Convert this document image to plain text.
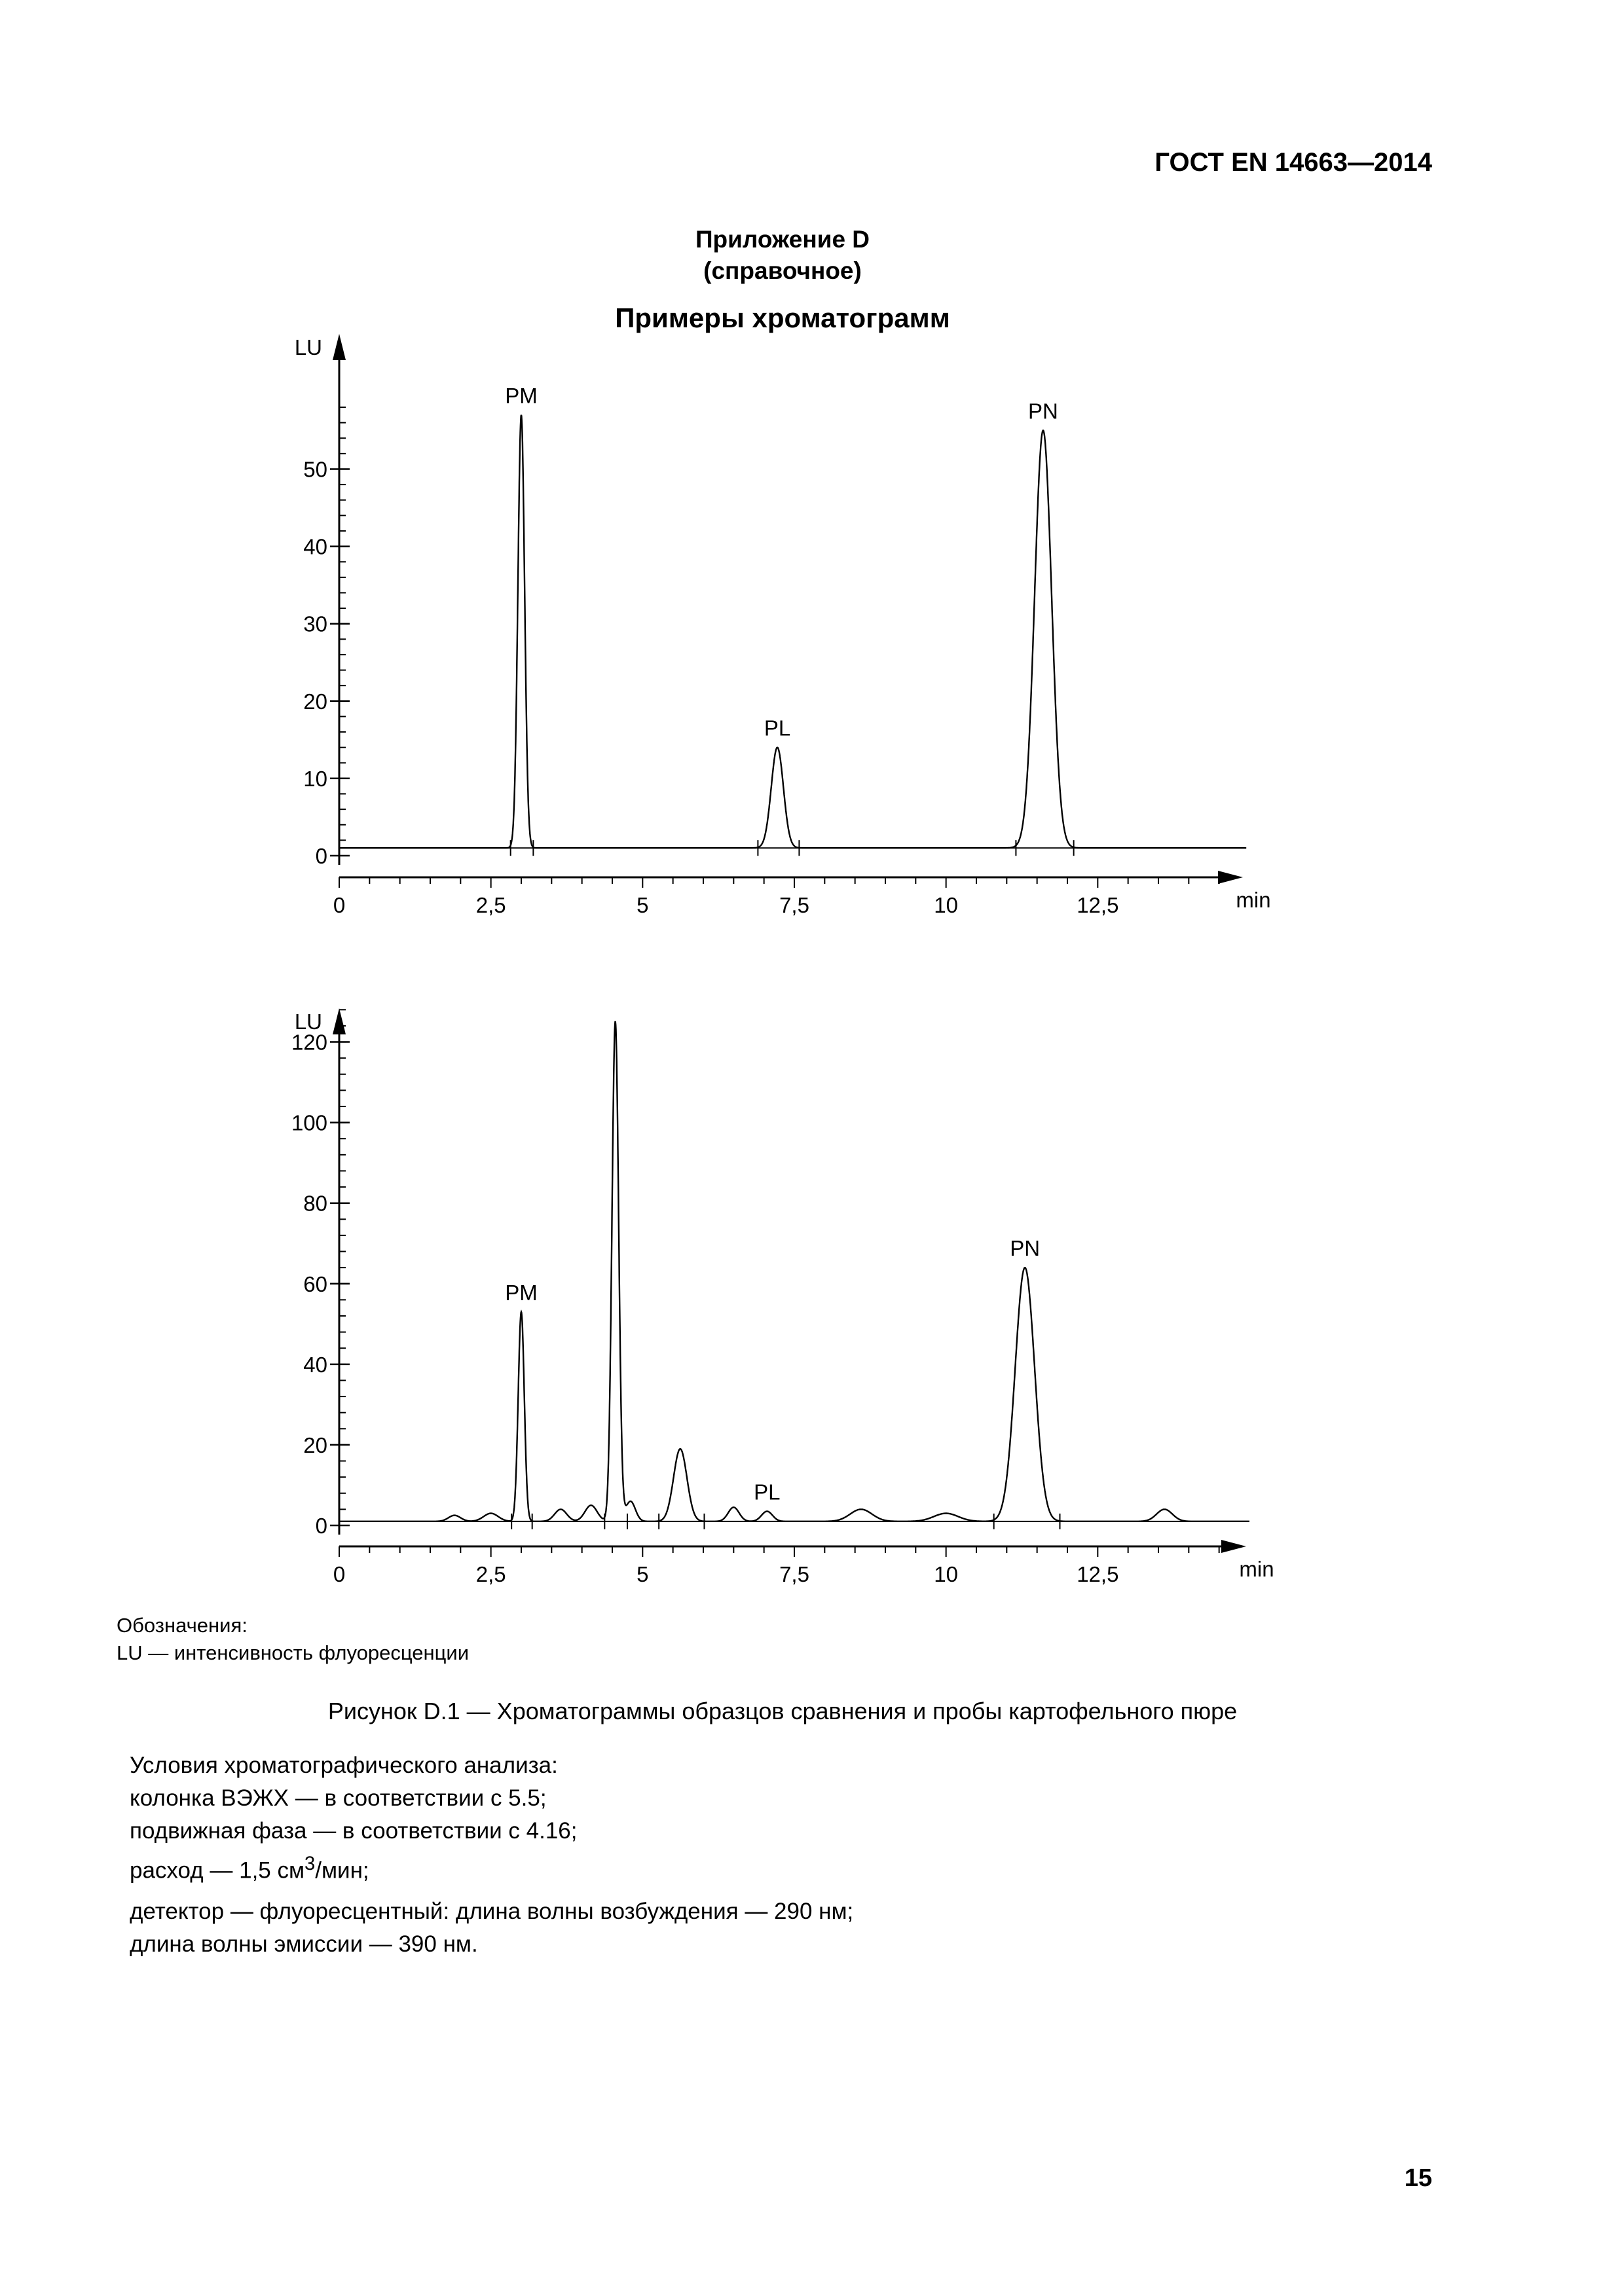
ГОСТ EN 14663—2014
Приложение D
(справочное)
Примеры хроматограмм
0
10
20
30
40
50
0	2,5	5	7,5	10	12,5
LU
min
PM
PL
PN
0
20
40
60
80
100
120
0	2,5	5	7,5	10	12,5
LU
min
PM
PL
PN
Обозначения:
LU — интенсивность флуоресценции
Рисунок D.1 — Хроматограммы образцов сравнения и пробы картофельного пюре
Условия хроматографического анализа:
колонка ВЭЖХ — в соответствии с 5.5;
подвижная фаза — в соответствии с 4.16;
расход — 1,5 $см^3$/мин;
детектор — флуоресцентный: длина волны возбуждения — 290 нм;
длина волны эмиссии — 390 нм.
15
